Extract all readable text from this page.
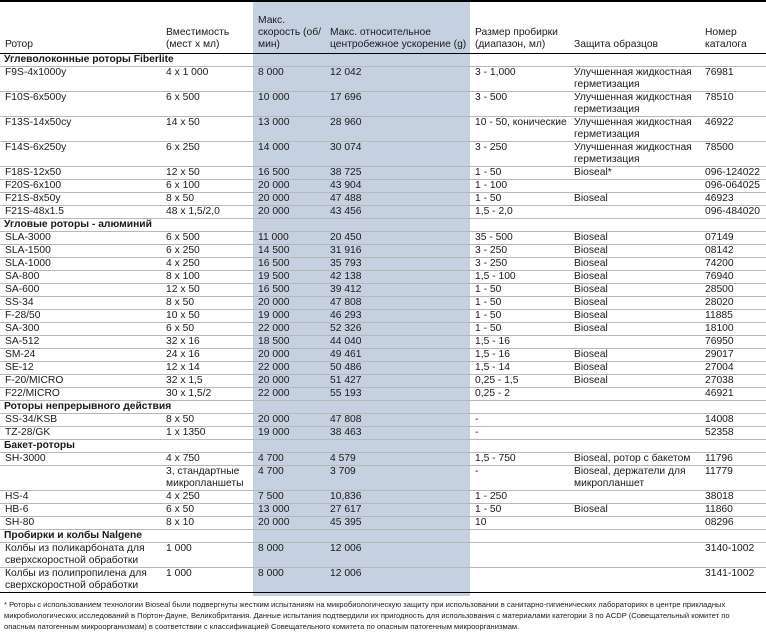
Ротор	Вместимость (мест х мл)	Макс. скорость (об/мин)	Макс. относительное центробежное ускорение (g)	Размер пробирки (диапазон, мл)	Защита образцов	Номер каталога
Углеволоконные роторы Fiberlite						
F9S-4x1000y	4 x 1 000	8 000	12 042	3 - 1,000	Улучшенная жидкостная герметизация	76981
F10S-6x500y	6 x 500	10 000	17 696	3 - 500	Улучшенная жидкостная герметизация	78510
F13S-14x50cy	14 x 50	13 000	28 960	10 - 50, конические	Улучшенная жидкостная герметизация	46922
F14S-6x250y	6 x 250	14 000	30 074	3 - 250	Улучшенная жидкостная герметизация	78500
F18S-12x50	12 x 50	16 500	38 725	1 - 50	Bioseal*	096-124022
F20S-6x100	6 x 100	20 000	43 904	1 - 100		096-064025
F21S-8x50y	8 x 50	20 000	47 488	1 - 50	Bioseal	46923
F21S-48x1.5	48 x 1,5/2,0	20 000	43 456	1,5 - 2,0		096-484020
Угловые роторы - алюминий						
SLA-3000	6 x 500	11 000	20 450	35 - 500	Bioseal	07149
SLA-1500	6 x 250	14 500	31 916	3 - 250	Bioseal	08142
SLA-1000	4 x 250	16 500	35 793	3 - 250	Bioseal	74200
SA-800	8 x 100	19 500	42 138	1,5 - 100	Bioseal	76940
SA-600	12 x 50	16 500	39 412	1 - 50	Bioseal	28500
SS-34	8 x 50	20 000	47 808	1 - 50	Bioseal	28020
F-28/50	10 x 50	19 000	46 293	1 - 50	Bioseal	11885
SA-300	6 x 50	22 000	52 326	1 - 50	Bioseal	18100
SA-512	32 x 16	18 500	44 040	1,5 - 16		76950
SM-24	24 x 16	20 000	49 461	1,5 - 16	Bioseal	29017
SE-12	12 x 14	22 000	50 486	1,5 - 14	Bioseal	27004
F-20/MICRO	32 x 1,5	20 000	51 427	0,25 - 1,5	Bioseal	27038
F22/MICRO	30 x 1,5/2	22 000	55 193	0,25 - 2		46921
Роторы непрерывного действия						
SS-34/KSB	8 x 50	20 000	47 808	-		14008
TZ-28/GK	1 x 1350	19 000	38 463	-		52358
Бакет-роторы						
SH-3000	4 x 750	4 700	4 579	1,5 - 750	Bioseal, ротор с бакетом	11796
	3, стандартные микропланшеты	4 700	3 709	-	Bioseal, держатели для микропланшет	11779
HS-4	4 x 250	7 500	10,836	1 - 250		38018
HB-6	6 x 50	13 000	27 617	1 - 50	Bioseal	11860
SH-80	8 x 10	20 000	45 395	10		08296
Пробирки и колбы Nalgene						
Колбы из поликарбоната для сверхскоростной обработки	1 000	8 000	12 006			3140-1002
Колбы из полипропилена для сверхскоростной обработки	1 000	8 000	12 006			3141-1002
* Роторы с использованием технологии Bioseal были подвергнуты жестким испытаниям на микробиологическую защиту при использовании в санитарно-гигиенических лабораториях в центре прикладных микробиологических исследований в Портон-Дауне, Великобритания. Данные испытания подтвердили их пригодность для использования с материалами категории 3 по ACDP (Совещательный комитет по опасным патогенным микроорганизмам) в соответствии с классификацией Совещательного комитета по опасным патогенным микроорганизмам.
